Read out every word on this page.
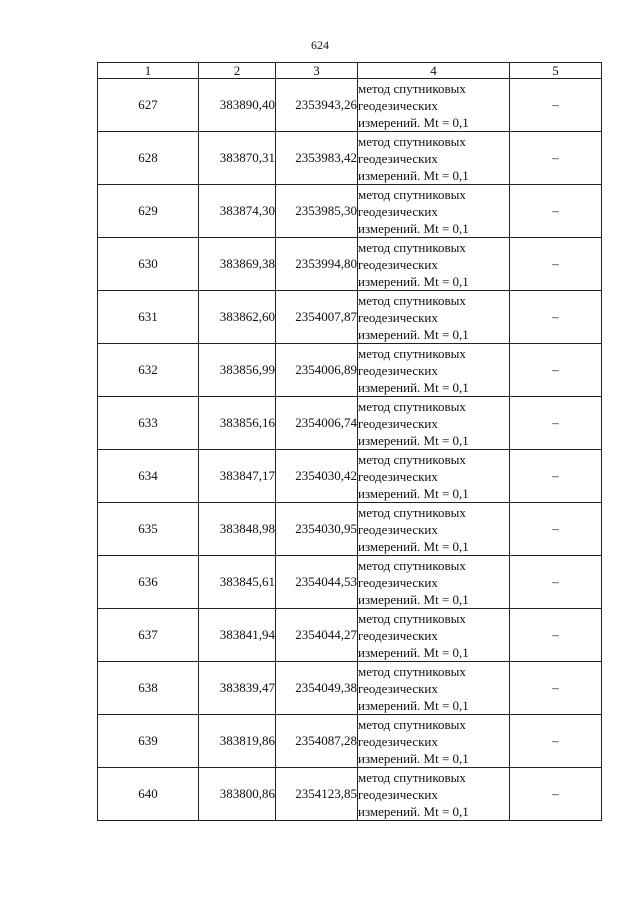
624
1	2	3	4	5
627	383890,40	2353943,26	метод спутниковых
геодезических
измерений. Mt = 0,1	–
628	383870,31	2353983,42	метод спутниковых
геодезических
измерений. Mt = 0,1	–
629	383874,30	2353985,30	метод спутниковых
геодезических
измерений. Mt = 0,1	–
630	383869,38	2353994,80	метод спутниковых
геодезических
измерений. Mt = 0,1	–
631	383862,60	2354007,87	метод спутниковых
геодезических
измерений. Mt = 0,1	–
632	383856,99	2354006,89	метод спутниковых
геодезических
измерений. Mt = 0,1	–
633	383856,16	2354006,74	метод спутниковых
геодезических
измерений. Mt = 0,1	–
634	383847,17	2354030,42	метод спутниковых
геодезических
измерений. Mt = 0,1	–
635	383848,98	2354030,95	метод спутниковых
геодезических
измерений. Mt = 0,1	–
636	383845,61	2354044,53	метод спутниковых
геодезических
измерений. Mt = 0,1	–
637	383841,94	2354044,27	метод спутниковых
геодезических
измерений. Mt = 0,1	–
638	383839,47	2354049,38	метод спутниковых
геодезических
измерений. Mt = 0,1	–
639	383819,86	2354087,28	метод спутниковых
геодезических
измерений. Mt = 0,1	–
640	383800,86	2354123,85	метод спутниковых
геодезических
измерений. Mt = 0,1	–
